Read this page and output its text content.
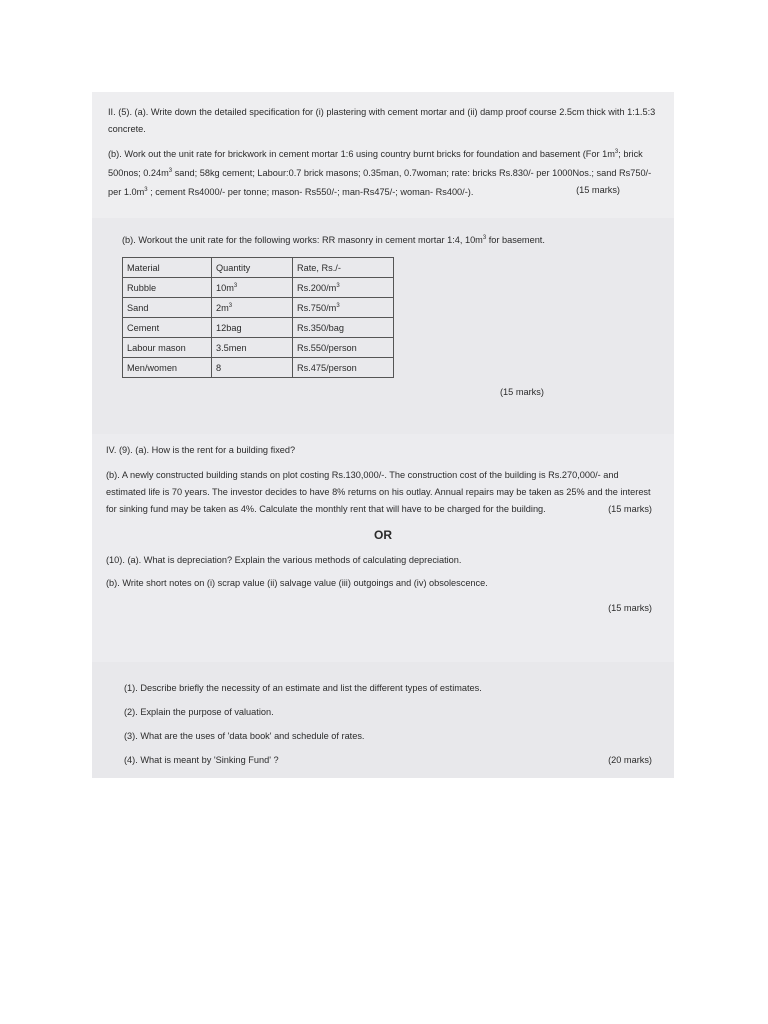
II. (5). (a). Write down the detailed specification for (i) plastering with cement mortar and (ii) damp proof course 2.5cm thick with 1:1.5:3 concrete.

(b). Work out the unit rate for brickwork in cement mortar 1:6 using country burnt bricks for foundation and basement (For $1m^3$; brick 500nos; $0.24m^3$ sand; 58kg cement; Labour:0.7 brick masons; 0.35man, 0.7woman; rate: bricks Rs.830/- per 1000Nos.; sand Rs750/- per $1.0m^3$ ; cement Rs4000/- per tonne; mason- Rs550/-; man-Rs475/-; woman- Rs400/-).	(15 marks)

(b). Workout the unit rate for the following works: RR masonry in cement mortar 1:4, $10m^3$ for basement.

Material	Quantity	Rate, Rs./-
Rubble	$10m^3$	$Rs.200/m^3$
Sand	$2m^3$	$Rs.750/m^3$
Cement	12bag	Rs.350/bag
Labour mason	3.5men	Rs.550/person
Men/women	8	Rs.475/person
(15 marks)

IV. (9). (a). How is the rent for a building fixed?

(b). A newly constructed building stands on plot costing Rs.130,000/-. The construction cost of the building is Rs.270,000/- and estimated life is 70 years. The investor decides to have 8% returns on his outlay. Annual repairs may be taken as 25% and the interest for sinking fund may be taken as 4%. Calculate the monthly rent that will have to be charged for the building.	(15 marks)

OR

(10). (a). What is depreciation? Explain the various methods of calculating depreciation.

(b). Write short notes on (i) scrap value (ii) salvage value (iii) outgoings and (iv) obsolescence.

(15 marks)

(1). Describe briefly the necessity of an estimate and list the different types of estimates.

(2). Explain the purpose of valuation.

(3). What are the uses of 'data book' and schedule of rates.

(4). What is meant by 'Sinking Fund' ?	(20 marks)
